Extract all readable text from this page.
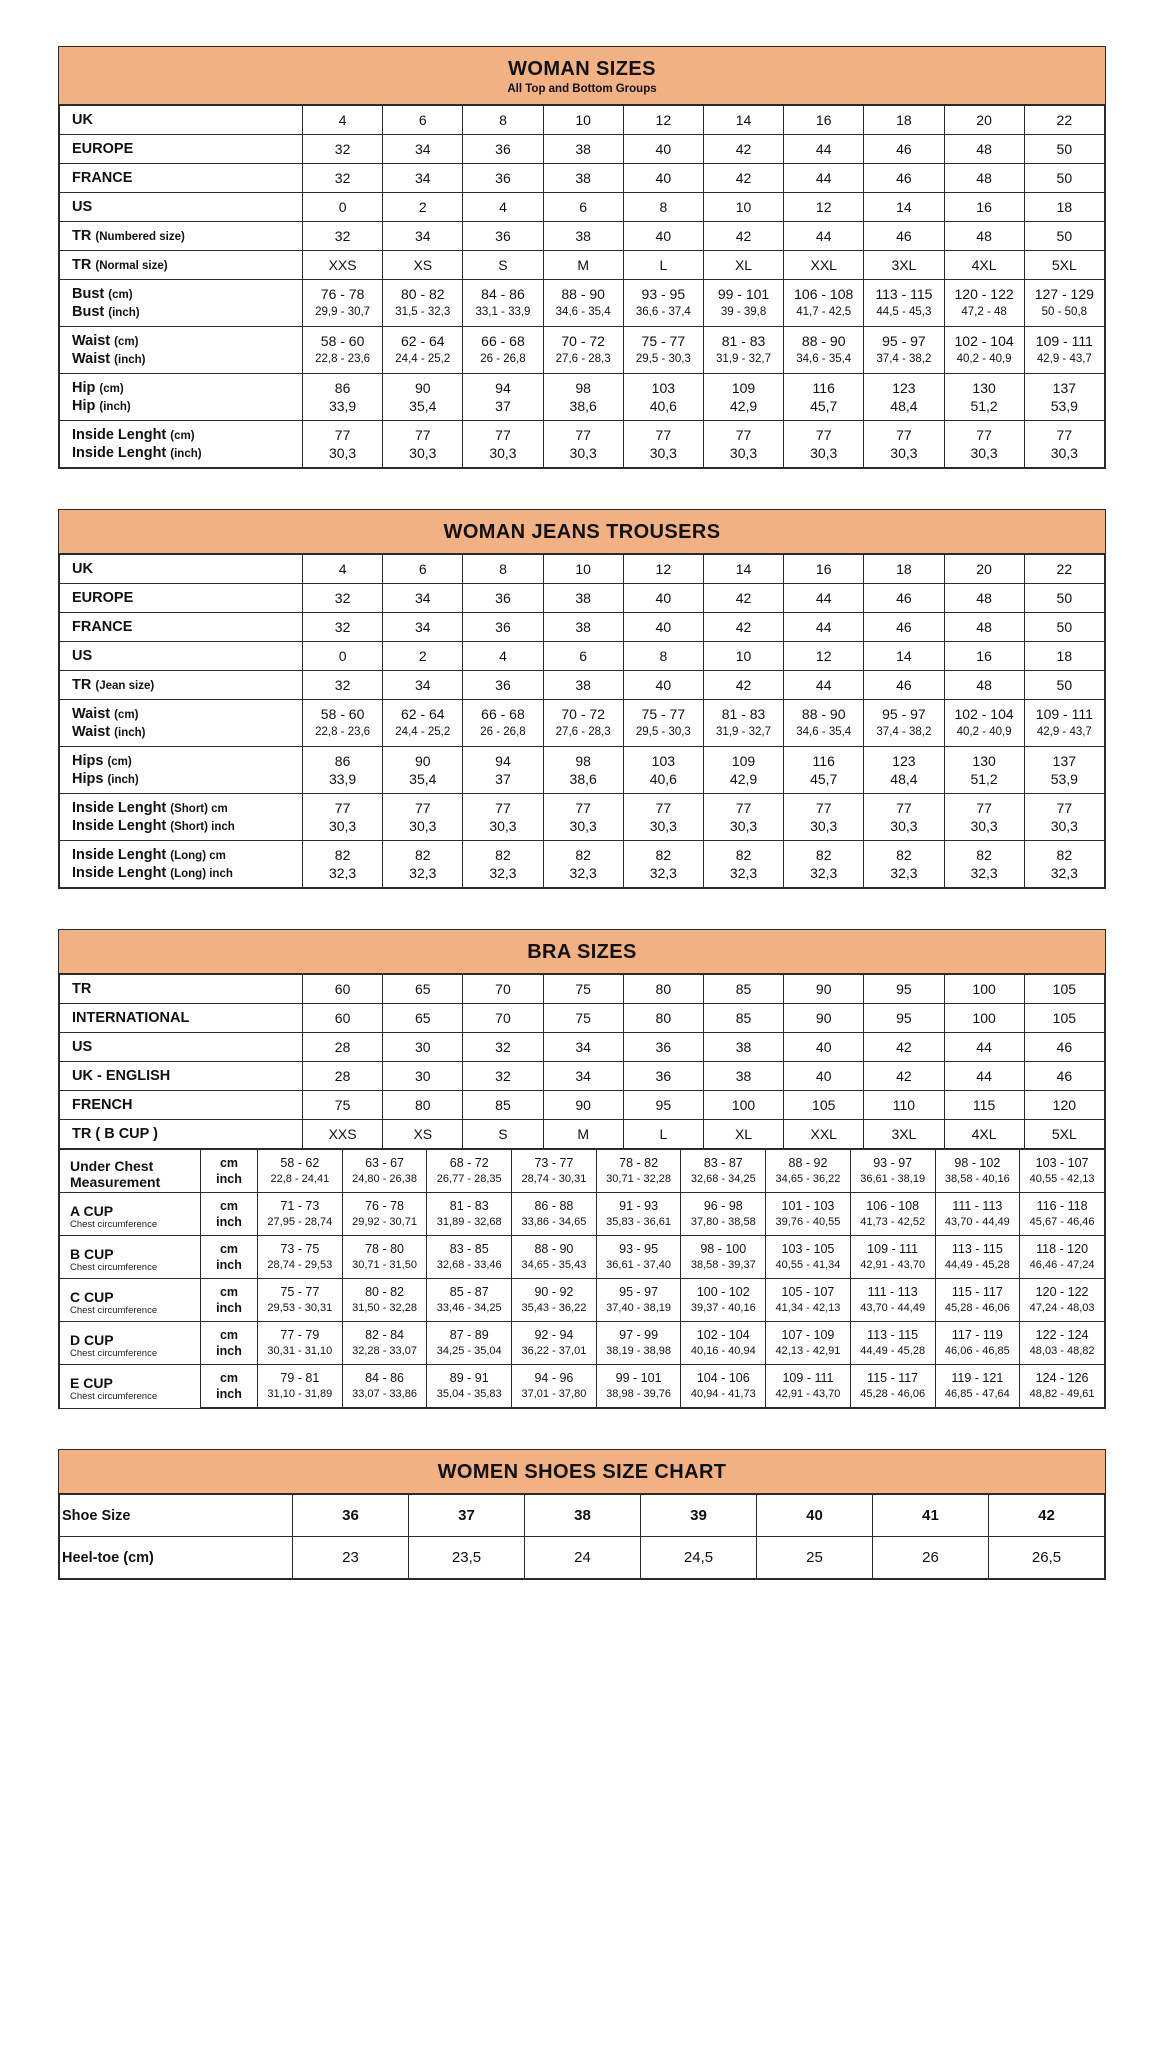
WOMAN SIZES
All Top and Bottom Groups
UK	4	6	8	10	12	14	16	18	20	22
EUROPE	32	34	36	38	40	42	44	46	48	50
FRANCE	32	34	36	38	40	42	44	46	48	50
US	0	2	4	6	8	10	12	14	16	18
TR (Numbered size)	32	34	36	38	40	42	44	46	48	50
TR (Normal size)	XXS	XS	S	M	L	XL	XXL	3XL	4XL	5XL
Bust (cm)	76 - 78	80 - 82	84 - 86	88 - 90	93 - 95	99 - 101	106 - 108	113 - 115	120 - 122	127 - 129
Bust (inch)	29,9 - 30,7	31,5 - 32,3	33,1 - 33,9	34,6 - 35,4	36,6 - 37,4	39 - 39,8	41,7 - 42,5	44,5 - 45,3	47,2 - 48	50 - 50,8
Waist (cm)	58 - 60	62 - 64	66 - 68	70 - 72	75 - 77	81 - 83	88 - 90	95 - 97	102 - 104	109 - 111
Waist (inch)	22,8 - 23,6	24,4 - 25,2	26 - 26,8	27,6 - 28,3	29,5 - 30,3	31,9 - 32,7	34,6 - 35,4	37,4 - 38,2	40,2 - 40,9	42,9 - 43,7
Hip (cm)	86	90	94	98	103	109	116	123	130	137
Hip (inch)	33,9	35,4	37	38,6	40,6	42,9	45,7	48,4	51,2	53,9
Inside Lenght (cm)	77	77	77	77	77	77	77	77	77	77
Inside Lenght (inch)	30,3	30,3	30,3	30,3	30,3	30,3	30,3	30,3	30,3	30,3
WOMAN JEANS TROUSERS
UK	4	6	8	10	12	14	16	18	20	22
EUROPE	32	34	36	38	40	42	44	46	48	50
FRANCE	32	34	36	38	40	42	44	46	48	50
US	0	2	4	6	8	10	12	14	16	18
TR (Jean size)	32	34	36	38	40	42	44	46	48	50
Waist (cm)	58 - 60	62 - 64	66 - 68	70 - 72	75 - 77	81 - 83	88 - 90	95 - 97	102 - 104	109 - 111
Waist (inch)	22,8 - 23,6	24,4 - 25,2	26 - 26,8	27,6 - 28,3	29,5 - 30,3	31,9 - 32,7	34,6 - 35,4	37,4 - 38,2	40,2 - 40,9	42,9 - 43,7
Hips (cm)	86	90	94	98	103	109	116	123	130	137
Hips (inch)	33,9	35,4	37	38,6	40,6	42,9	45,7	48,4	51,2	53,9
Inside Lenght (Short) cm	77	77	77	77	77	77	77	77	77	77
Inside Lenght (Short) inch	30,3	30,3	30,3	30,3	30,3	30,3	30,3	30,3	30,3	30,3
Inside Lenght (Long) cm	82	82	82	82	82	82	82	82	82	82
Inside Lenght (Long) inch	32,3	32,3	32,3	32,3	32,3	32,3	32,3	32,3	32,3	32,3
BRA SIZES
TR	60	65	70	75	80	85	90	95	100	105
INTERNATIONAL	60	65	70	75	80	85	90	95	100	105
US	28	30	32	34	36	38	40	42	44	46
UK - ENGLISH	28	30	32	34	36	38	40	42	44	46
FRENCH	75	80	85	90	95	100	105	110	115	120
TR ( B CUP )	XXS	XS	S	M	L	XL	XXL	3XL	4XL	5XL
Under Chest
Measurement	cm	58 - 62	63 - 67	68 - 72	73 - 77	78 - 82	83 - 87	88 - 92	93 - 97	98 - 102	103 - 107
	inch	22,8 - 24,41	24,80 - 26,38	26,77 - 28,35	28,74 - 30,31	30,71 - 32,28	32,68 - 34,25	34,65 - 36,22	36,61 - 38,19	38,58 - 40,16	40,55 - 42,13

A CUP
Chest circumference	cm	71 - 73	76 - 78	81 - 83	86 - 88	91 - 93	96 - 98	101 - 103	106 - 108	111 - 113	116 - 118
	inch	27,95 - 28,74	29,92 - 30,71	31,89 - 32,68	33,86 - 34,65	35,83 - 36,61	37,80 - 38,58	39,76 - 40,55	41,73 - 42,52	43,70 - 44,49	45,67 - 46,46

B CUP
Chest circumference	cm	73 - 75	78 - 80	83 - 85	88 - 90	93 - 95	98 - 100	103 - 105	109 - 111	113 - 115	118 - 120
	inch	28,74 - 29,53	30,71 - 31,50	32,68 - 33,46	34,65 - 35,43	36,61 - 37,40	38,58 - 39,37	40,55 - 41,34	42,91 - 43,70	44,49 - 45,28	46,46 - 47,24

C CUP
Chest circumference	cm	75 - 77	80 - 82	85 - 87	90 - 92	95 - 97	100 - 102	105 - 107	111 - 113	115 - 117	120 - 122
	inch	29,53 - 30,31	31,50 - 32,28	33,46 - 34,25	35,43 - 36,22	37,40 - 38,19	39,37 - 40,16	41,34 - 42,13	43,70 - 44,49	45,28 - 46,06	47,24 - 48,03

D CUP
Chest circumference	cm	77 - 79	82 - 84	87 - 89	92 - 94	97 - 99	102 - 104	107 - 109	113 - 115	117 - 119	122 - 124
	inch	30,31 - 31,10	32,28 - 33,07	34,25 - 35,04	36,22 - 37,01	38,19 - 38,98	40,16 - 40,94	42,13 - 42,91	44,49 - 45,28	46,06 - 46,85	48,03 - 48,82

E CUP
Chest circumference	cm	79 - 81	84 - 86	89 - 91	94 - 96	99 - 101	104 - 106	109 - 111	115 - 117	119 - 121	124 - 126
	inch	31,10 - 31,89	33,07 - 33,86	35,04 - 35,83	37,01 - 37,80	38,98 - 39,76	40,94 - 41,73	42,91 - 43,70	45,28 - 46,06	46,85 - 47,64	48,82 - 49,61
WOMEN SHOES SIZE CHART
Shoe Size	36	37	38	39	40	41	42
Heel-toe (cm)	23	23,5	24	24,5	25	26	26,5
